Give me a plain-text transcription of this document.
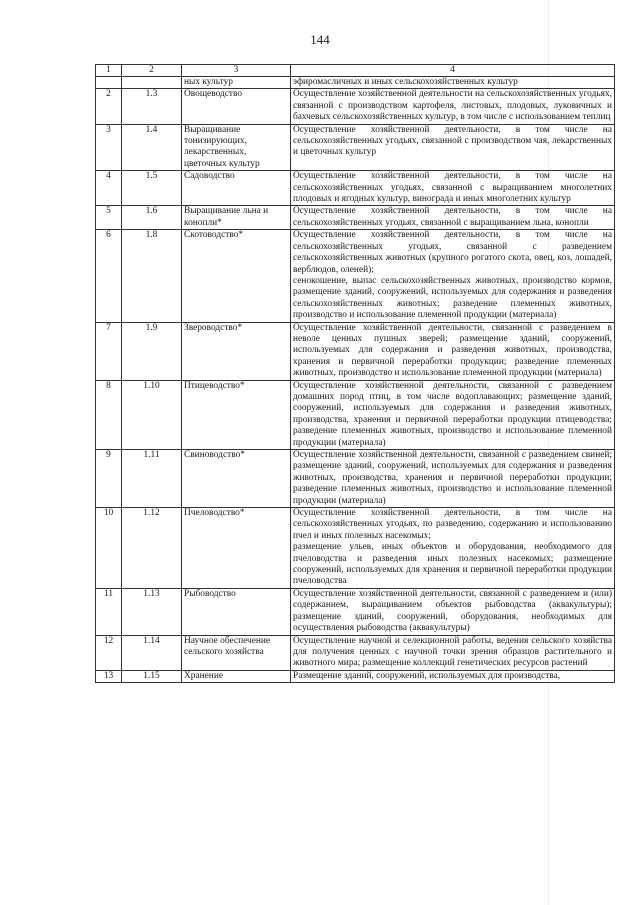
144
1	2	3	4
		ных культур	эфиромасличных и иных сельскохозяйственных культур
2	1.3	Овощеводство	Осуществление хозяйственной деятельности на сельскохозяйственных угодьях, связанной с производством картофеля, листовых, плодовых, луковичных и бахчевых сельскохозяйственных культур, в том числе с использованием теплиц
3	1.4	Выращивание тонизирующих, лекарственных, цветочных культур	Осуществление хозяйственной деятельности, в том числе на сельскохозяйственных угодьях, связанной с производством чая, лекарственных и цветочных культур
4	1.5	Садоводство	Осуществление хозяйственной деятельности, в том числе на сельскохозяйственных угодьях, связанной с выращиванием многолетних плодовых и ягодных культур, винограда и иных многолетних культур
5	1.6	Выращивание льна и конопли*	Осуществление хозяйственной деятельности, в том числе на сельскохозяйственных угодьях, связанной с выращиванием льна, конопли
6	1.8	Скотоводство*	Осуществление хозяйственной деятельности, в том числе на сельскохозяйственных угодьях, связанной с разведением сельскохозяйственных животных (крупного рогатого скота, овец, коз, лошадей, верблюдов, оленей);
сенокошение, выпас сельскохозяйственных животных, производство кормов, размещение зданий, сооружений, используемых для содержания и разведения сельскохозяйственных животных; разведение племенных животных, производство и использование племенной продукции (материала)
7	1.9	Звероводство*	Осуществление хозяйственной деятельности, связанной с разведением в неволе ценных пушных зверей; размещение зданий, сооружений, используемых для содержания и разведения животных, производства, хранения и первичной переработки продукции; разведение племенных животных, производство и использование племенной продукции (материала)
8	1.10	Птицеводство*	Осуществление хозяйственной деятельности, связанной с разведением домашних пород птиц, в том числе водоплавающих; размещение зданий, сооружений, используемых для содержания и разведения животных, производства, хранения и первичной переработки продукции птицеводства; разведение племенных животных, производство и использование племенной продукции (материала)
9	1.11	Свиноводство*	Осуществление хозяйственной деятельности, связанной с разведением свиней; размещение зданий, сооружений, используемых для содержания и разведения животных, производства, хранения и первичной переработки продукции; разведение племенных животных, производство и использование племенной продукции (материала)
10	1.12	Пчеловодство*	Осуществление хозяйственной деятельности, в том числе на сельскохозяйственных угодьях, по разведению, содержанию и использованию пчел и иных полезных насекомых;
размещение ульев, иных объектов и оборудования, необходимого для пчеловодства и разведения иных полезных насекомых; размещение сооружений, используемых для хранения и первичной переработки продукции пчеловодства
11	1.13	Рыбоводство	Осуществление хозяйственной деятельности, связанной с разведением и (или) содержанием, выращиванием объектов рыбоводства (аквакультуры); размещение зданий, сооружений, оборудования, необходимых для осуществления рыбоводства (аквакультуры)
12	1.14	Научное обеспечение сельского хозяйства	Осуществление научной и селекционной работы, ведения сельского хозяйства для получения ценных с научной точки зрения образцов растительного и животного мира; размещение коллекций генетических ресурсов растений
13	1.15	Хранение	Размещение зданий, сооружений, используемых для производства,
